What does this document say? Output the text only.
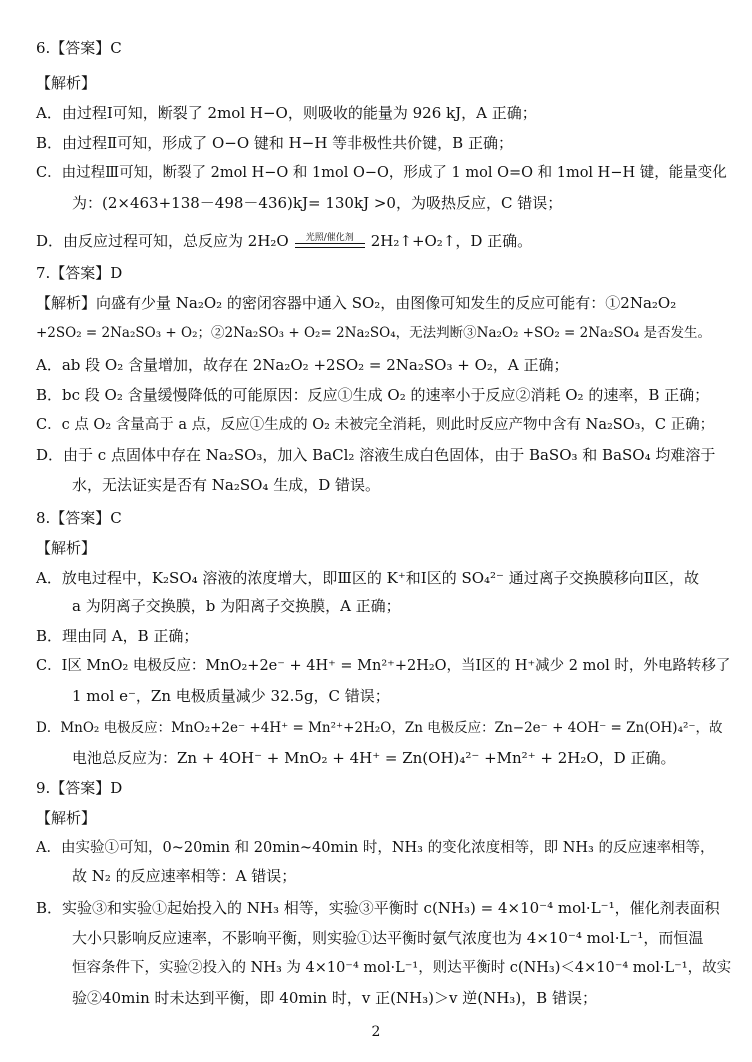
6.【答案】C
【解析】
A．由过程Ⅰ可知，断裂了 2mol H−O，则吸收的能量为 926 kJ，A 正确；
B．由过程Ⅱ可知，形成了 O−O 键和 H−H 等非极性共价键，B 正确；
C．由过程Ⅲ可知，断裂了 2mol H−O 和 1mol O−O，形成了 1 mol O=O 和 1mol H−H 键，能量变化
为：(2×463+138－498－436)kJ= 130kJ >0，为吸热反应，C 错误；
D．由反应过程可知，总反应为 2H₂O	光照/催化剂	2H₂↑+O₂↑，D 正确。
7.【答案】D
【解析】向盛有少量 Na₂O₂ 的密闭容器中通入 SO₂，由图像可知发生的反应可能有：①2Na₂O₂
+2SO₂ = 2Na₂SO₃ + O₂；②2Na₂SO₃ + O₂= 2Na₂SO₄，无法判断③Na₂O₂ +SO₂ = 2Na₂SO₄ 是否发生。
A．ab 段 O₂ 含量增加，故存在 2Na₂O₂ +2SO₂ = 2Na₂SO₃ + O₂，A 正确；
B．bc 段 O₂ 含量缓慢降低的可能原因：反应①生成 O₂ 的速率小于反应②消耗 O₂ 的速率，B 正确；
C．c 点 O₂ 含量高于 a 点，反应①生成的 O₂ 未被完全消耗，则此时反应产物中含有 Na₂SO₃，C 正确；
D．由于 c 点固体中存在 Na₂SO₃，加入 BaCl₂ 溶液生成白色固体，由于 BaSO₃ 和 BaSO₄ 均难溶于
水，无法证实是否有 Na₂SO₄ 生成，D 错误。
8.【答案】C
【解析】
A．放电过程中，K₂SO₄ 溶液的浓度增大，即Ⅲ区的 K⁺和Ⅰ区的 SO₄²⁻ 通过离子交换膜移向Ⅱ区，故
a 为阴离子交换膜，b 为阳离子交换膜，A 正确；
B．理由同 A，B 正确；
C．Ⅰ区 MnO₂ 电极反应：MnO₂+2e⁻ + 4H⁺ = Mn²⁺+2H₂O，当Ⅰ区的 H⁺减少 2 mol 时，外电路转移了
1 mol e⁻，Zn 电极质量减少 32.5g，C 错误；
D．MnO₂ 电极反应：MnO₂+2e⁻ +4H⁺ = Mn²⁺+2H₂O，Zn 电极反应：Zn−2e⁻ + 4OH⁻ = Zn(OH)₄²⁻，故
电池总反应为：Zn + 4OH⁻ + MnO₂ + 4H⁺ = Zn(OH)₄²⁻ +Mn²⁺ + 2H₂O，D 正确。
9.【答案】D
【解析】
A．由实验①可知，0~20min 和 20min~40min 时，NH₃ 的变化浓度相等，即 NH₃ 的反应速率相等，
故 N₂ 的反应速率相等：A 错误；
B．实验③和实验①起始投入的 NH₃ 相等，实验③平衡时 c(NH₃) = 4×10⁻⁴ mol·L⁻¹，催化剂表面积
大小只影响反应速率，不影响平衡，则实验①达平衡时氨气浓度也为 4×10⁻⁴ mol·L⁻¹，而恒温
恒容条件下，实验②投入的 NH₃ 为 4×10⁻⁴ mol·L⁻¹，则达平衡时 c(NH₃)＜4×10⁻⁴ mol·L⁻¹，故实
验②40min 时未达到平衡，即 40min 时，v 正(NH₃)＞v 逆(NH₃)，B 错误；
2
